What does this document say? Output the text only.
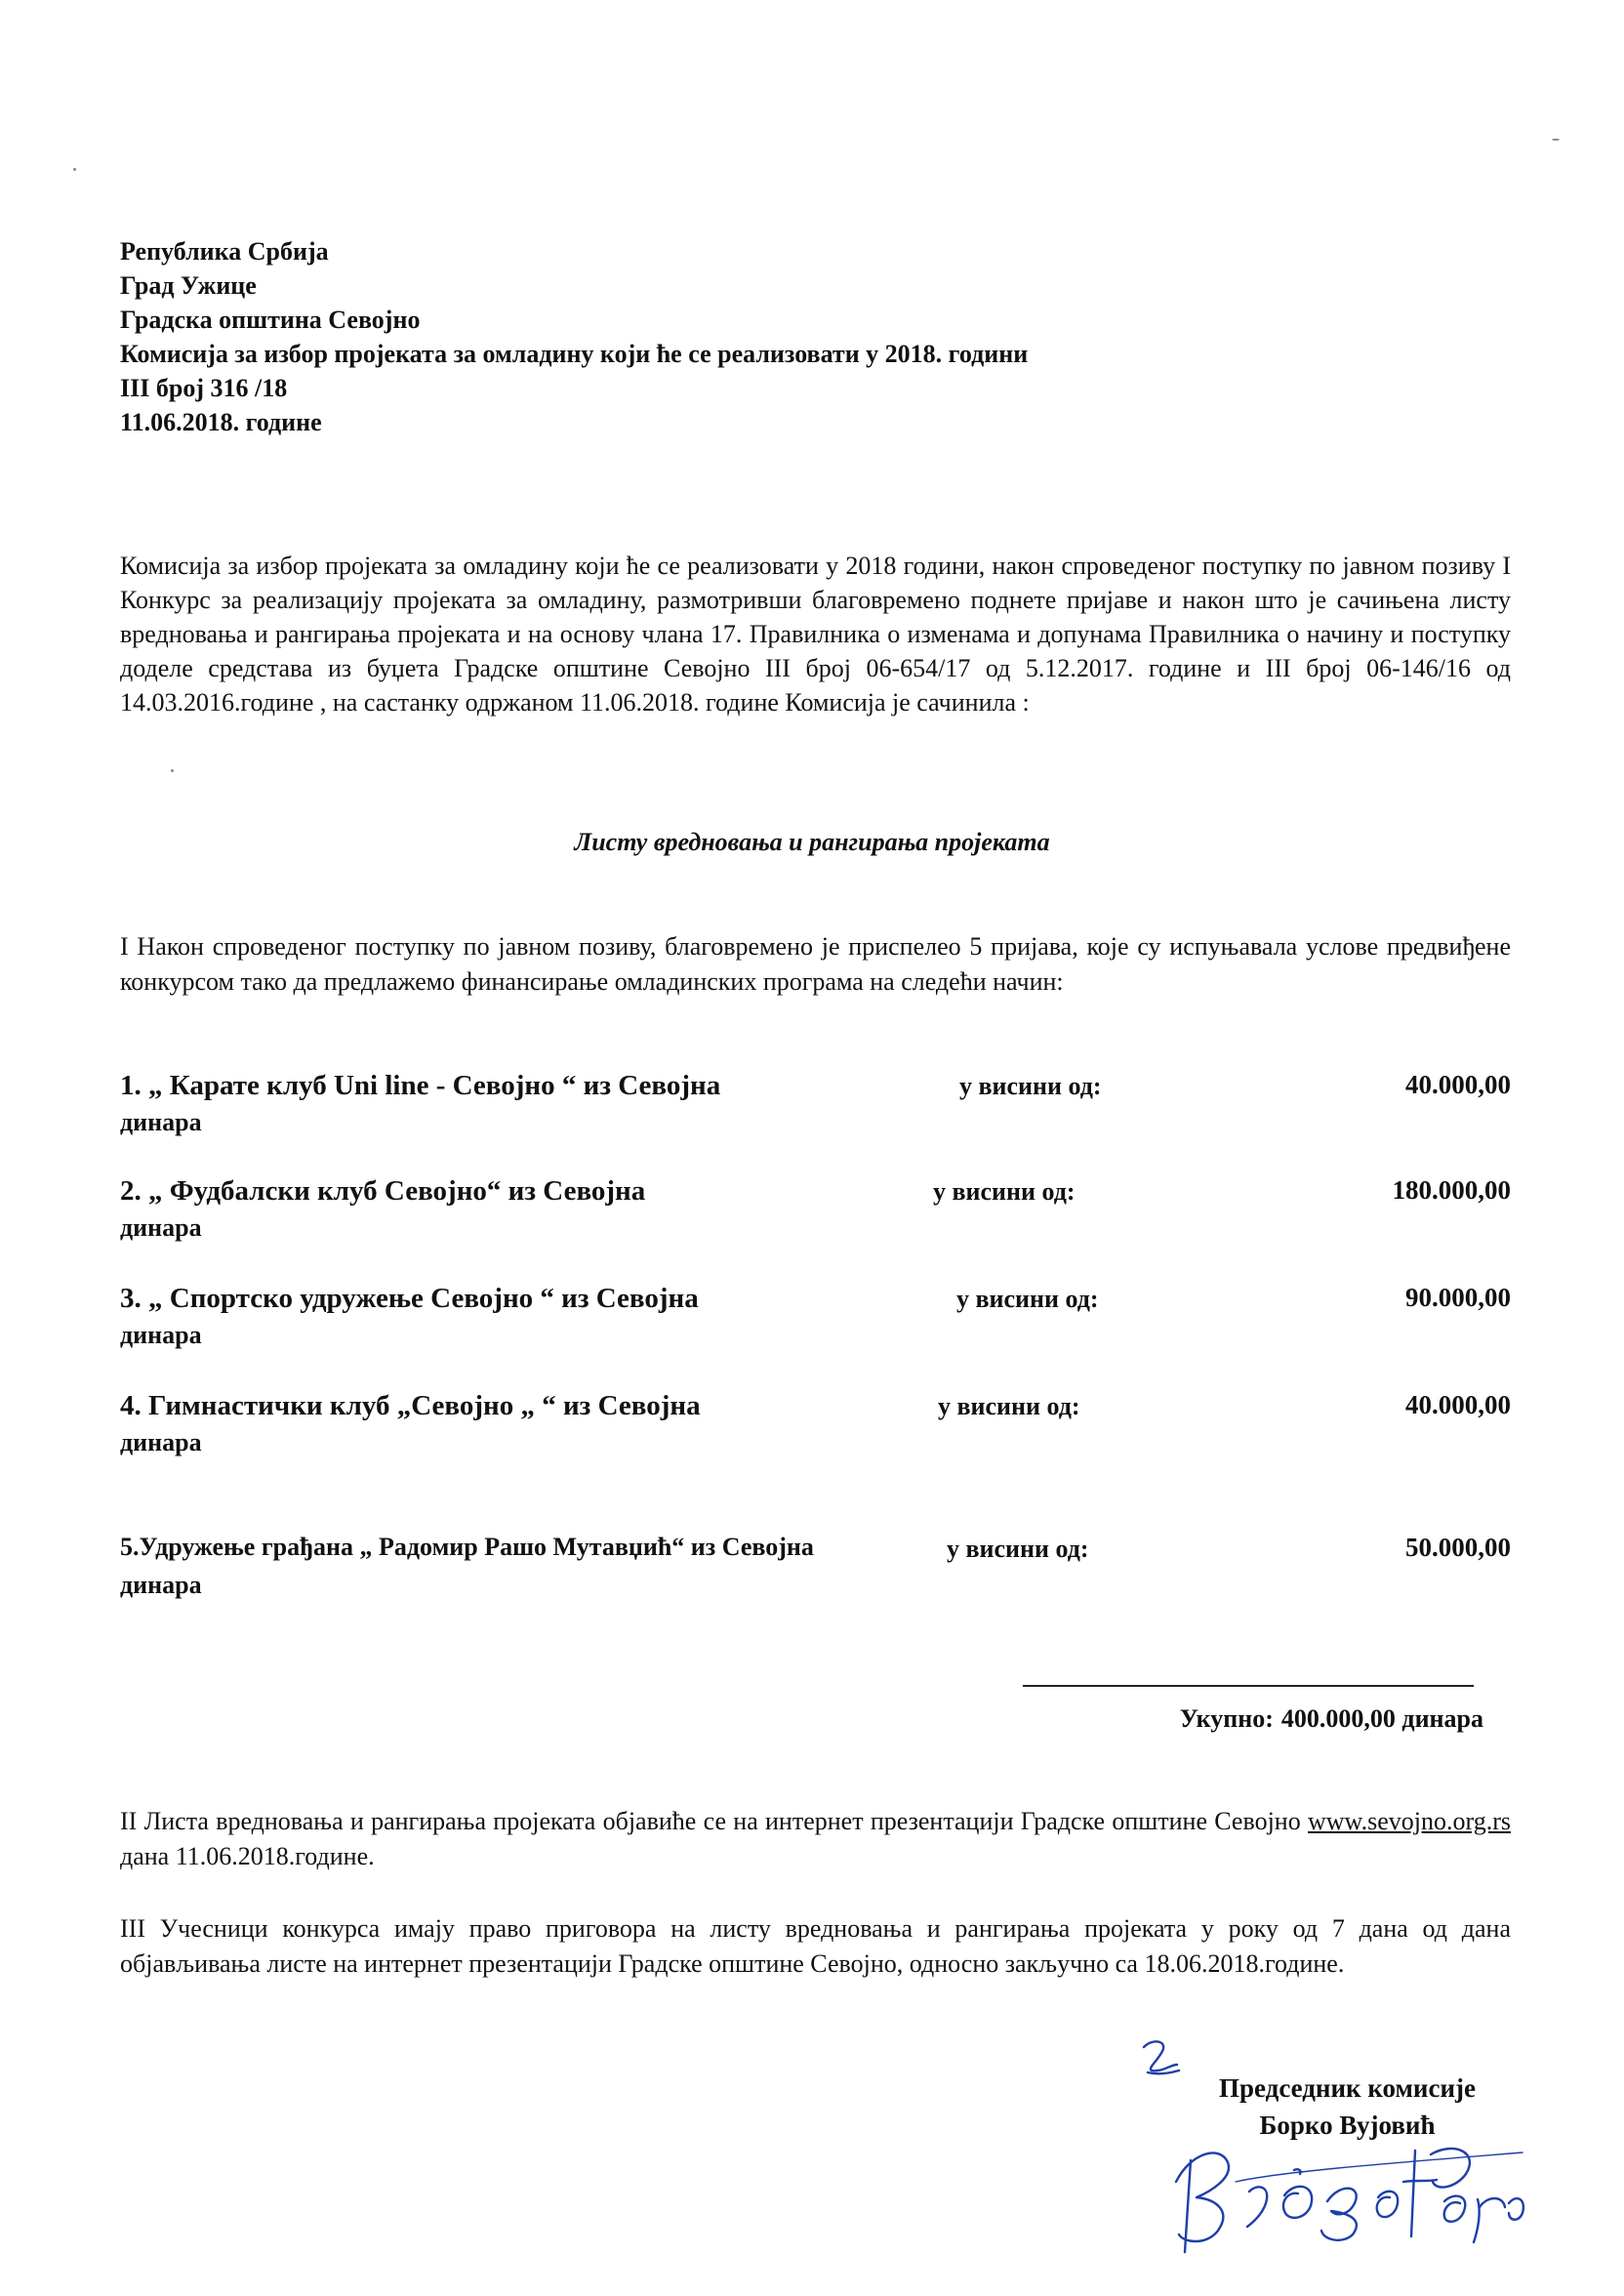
Република Србија
Град Ужице
Градска општина Севојно
Комисија за избор пројеката за омладину који ће се реализовати у 2018. години
III број 316 /18
11.06.2018. године
Комисија за избор пројеката за омладину који ће се реализовати у 2018 години, након спроведеног поступку по јавном позиву I Конкурс за реализацију пројеката за омладину, размотривши благовремено поднете пријаве и након што је сачињена листу вредновања и рангирања пројеката и на основу члана 17. Правилника о изменама и допунама Правилника о начину и поступку доделе средстава из буџета Градске општине Севојно III број 06-654/17 од 5.12.2017. године и III број 06-146/16 од 14.03.2016.године , на састанку одржаном 11.06.2018. године Комисија је сачинила :
Листу вредновања и рангирања пројеката
I Након спроведеног поступку по јавном позиву, благовремено је приспелео 5 пријава, које су испуњавала услове предвиђене конкурсом тако да предлажемо финансирање омладинских програма на следећи начин:
1. „ Карате клуб Uni line - Севојно “ из Севојна	у висини од:	40.000,00
динара
2. „ Фудбалски клуб Севојно“ из Севојна	у висини од:	180.000,00
динара
3. „ Спортско удружење Севојно “ из Севојна	у висини од:	90.000,00
динара
4. Гимнастички клуб „Севојно „ “ из Севојна	у висини од:	40.000,00
динара
5.Удружење грађана „ Радомир Рашо Мутавџић“ из Севојна	у висини од:	50.000,00
динара
Укупно: 400.000,00 динара
II Листа вредновања и рангирања пројеката објавиће се на интернет презентацији Градске општине Севојно www.sevojno.org.rs дана 11.06.2018.године.
III Учесници конкурса имају право приговора на листу вредновања и рангирања пројеката у року од 7 дана од дана објављивања листе на интернет презентацији Градске општине Севојно, односно закључно са 18.06.2018.године.
Председник комисије
Борко Вујовић
